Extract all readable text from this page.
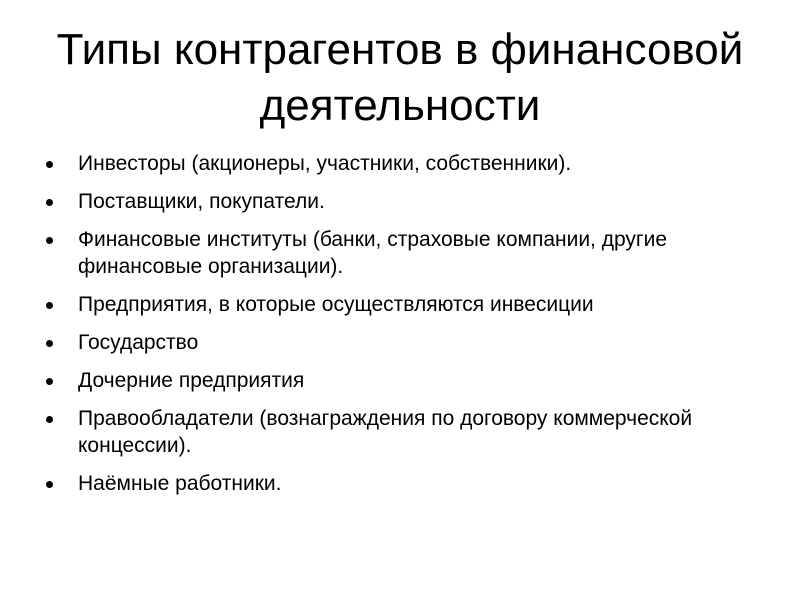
Типы контрагентов в финансовой деятельности
Инвесторы (акционеры, участники, собственники).
Поставщики, покупатели.
Финансовые институты (банки, страховые компании, другие финансовые организации).
Предприятия, в которые осуществляются инвесиции
Государство
Дочерние предприятия
Правообладатели (вознаграждения по договору коммерческой концессии).
Наёмные работники.
